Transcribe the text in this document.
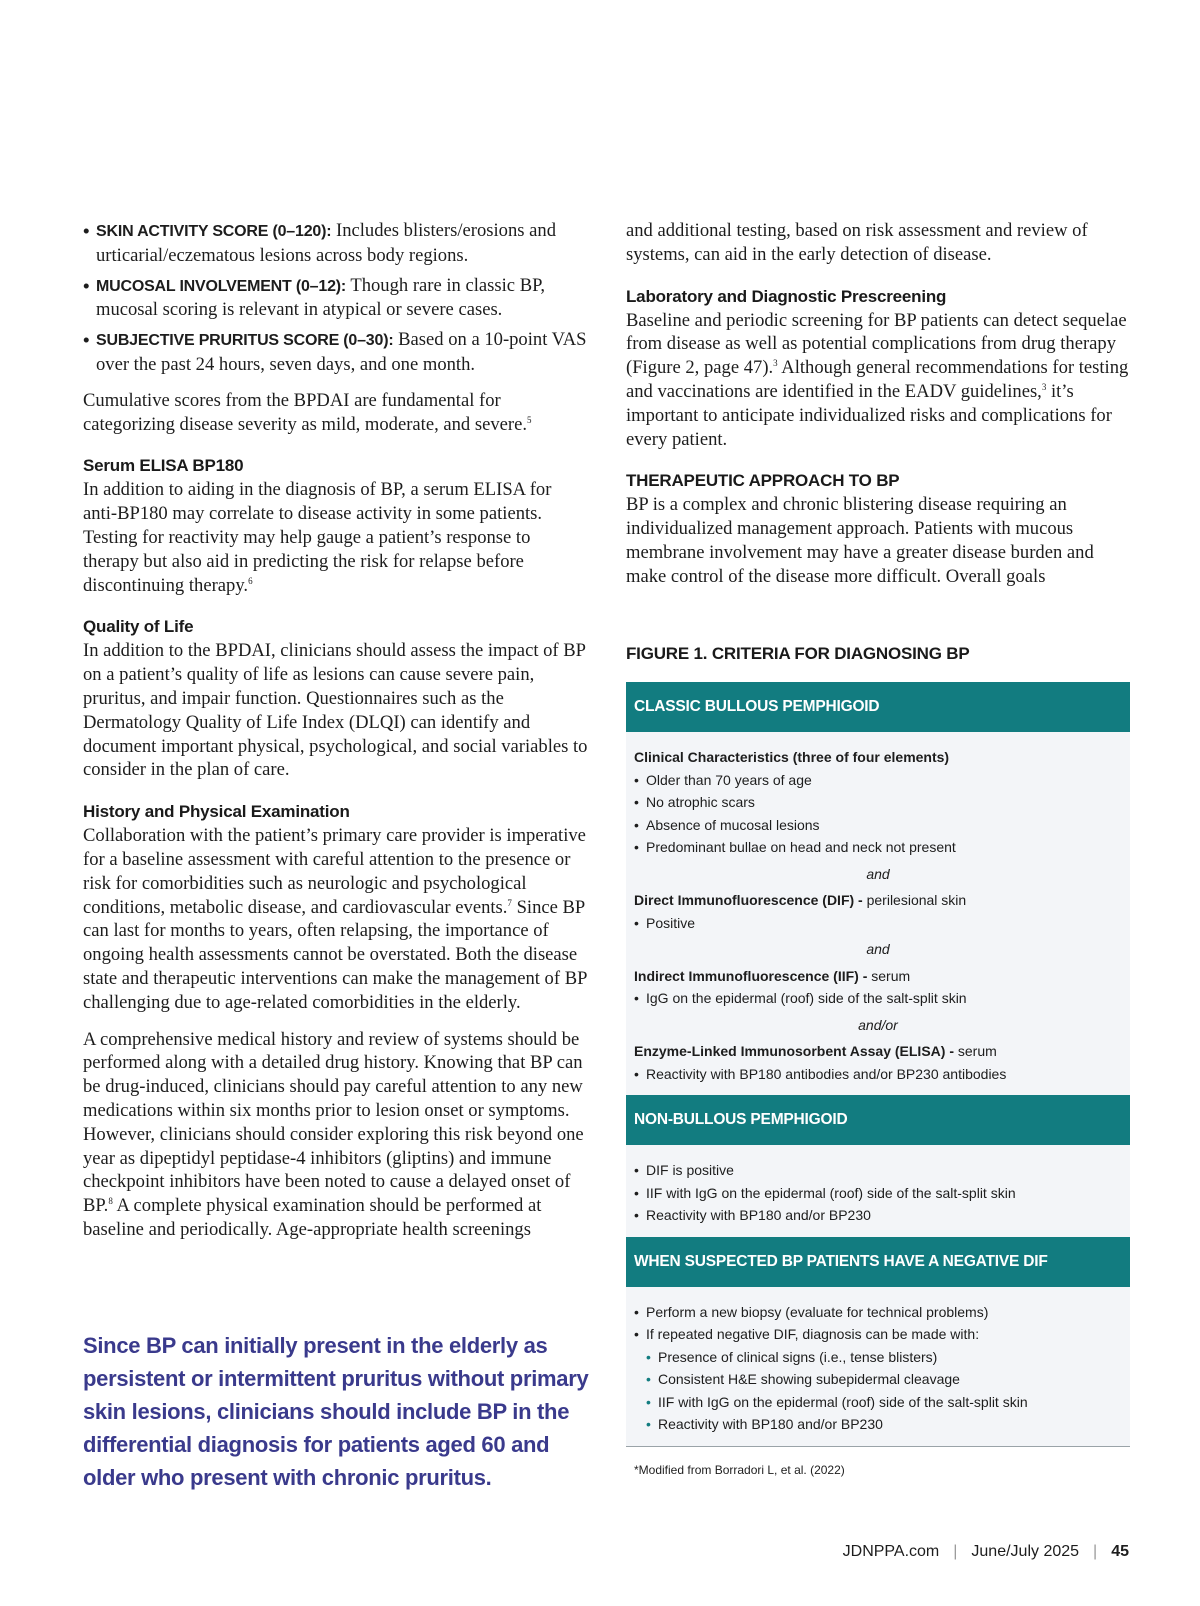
• SKIN ACTIVITY SCORE (0–120): Includes blisters/erosions and urticarial/eczematous lesions across body regions.
• MUCOSAL INVOLVEMENT (0–12): Though rare in classic BP, mucosal scoring is relevant in atypical or severe cases.
• SUBJECTIVE PRURITUS SCORE (0–30): Based on a 10-point VAS over the past 24 hours, seven days, and one month.

Cumulative scores from the BPDAI are fundamental for categorizing disease severity as mild, moderate, and severe.$^5$

Serum ELISA BP180

In addition to aiding in the diagnosis of BP, a serum ELISA for anti-BP180 may correlate to disease activity in some patients. Testing for reactivity may help gauge a patient’s response to therapy but also aid in predicting the risk for relapse before discontinuing therapy.$^6$

Quality of Life

In addition to the BPDAI, clinicians should assess the impact of BP on a patient’s quality of life as lesions can cause severe pain, pruritus, and impair function. Questionnaires such as the Dermatology Quality of Life Index (DLQI) can identify and document important physical, psychological, and social variables to consider in the plan of care.

History and Physical Examination

Collaboration with the patient’s primary care provider is imperative for a baseline assessment with careful attention to the presence or risk for comorbidities such as neurologic and psychological conditions, metabolic disease, and cardiovascular events.$^7$ Since BP can last for months to years, often relapsing, the importance of ongoing health assessments cannot be overstated. Both the disease state and therapeutic interventions can make the management of BP challenging due to age-related comorbidities in the elderly.

A comprehensive medical history and review of systems should be performed along with a detailed drug history. Knowing that BP can be drug-induced, clinicians should pay careful attention to any new medications within six months prior to lesion onset or symptoms. However, clinicians should consider exploring this risk beyond one year as dipeptidyl peptidase-4 inhibitors (gliptins) and immune checkpoint inhibitors have been noted to cause a delayed onset of BP.$^8$ A complete physical examination should be performed at baseline and periodically. Age-appropriate health screenings

Since BP can initially present in the elderly as persistent or intermittent pruritus without primary skin lesions, clinicians should include BP in the differential diagnosis for patients aged 60 and older who present with chronic pruritus.

and additional testing, based on risk assessment and review of systems, can aid in the early detection of disease.

Laboratory and Diagnostic Prescreening

Baseline and periodic screening for BP patients can detect sequelae from disease as well as potential complications from drug therapy (Figure 2, page 47).$^3$ Although general recommendations for testing and vaccinations are identified in the EADV guidelines,$^3$ it’s important to anticipate individualized risks and complications for every patient.

THERAPEUTIC APPROACH TO BP

BP is a complex and chronic blistering disease requiring an individualized management approach. Patients with mucous membrane involvement may have a greater disease burden and make control of the disease more difficult. Overall goals

FIGURE 1. CRITERIA FOR DIAGNOSING BP
CLASSIC BULLOUS PEMPHIGOID
Clinical Characteristics (three of four elements)
• Older than 70 years of age
• No atrophic scars
• Absence of mucosal lesions
• Predominant bullae on head and neck not present
and
Direct Immunofluorescence (DIF) - perilesional skin
• Positive
and
Indirect Immunofluorescence (IIF) - serum
• IgG on the epidermal (roof) side of the salt-split skin
and/or
Enzyme-Linked Immunosorbent Assay (ELISA) - serum
• Reactivity with BP180 antibodies and/or BP230 antibodies
NON-BULLOUS PEMPHIGOID
• DIF is positive
• IIF with IgG on the epidermal (roof) side of the salt-split skin
• Reactivity with BP180 and/or BP230
WHEN SUSPECTED BP PATIENTS HAVE A NEGATIVE DIF
• Perform a new biopsy (evaluate for technical problems)
• If repeated negative DIF, diagnosis can be made with:
• Presence of clinical signs (i.e., tense blisters)
• Consistent H&E showing subepidermal cleavage
• IIF with IgG on the epidermal (roof) side of the salt-split skin
• Reactivity with BP180 and/or BP230
*Modified from Borradori L, et al. (2022)
JDNPPA.com | June/July 2025 | 45
